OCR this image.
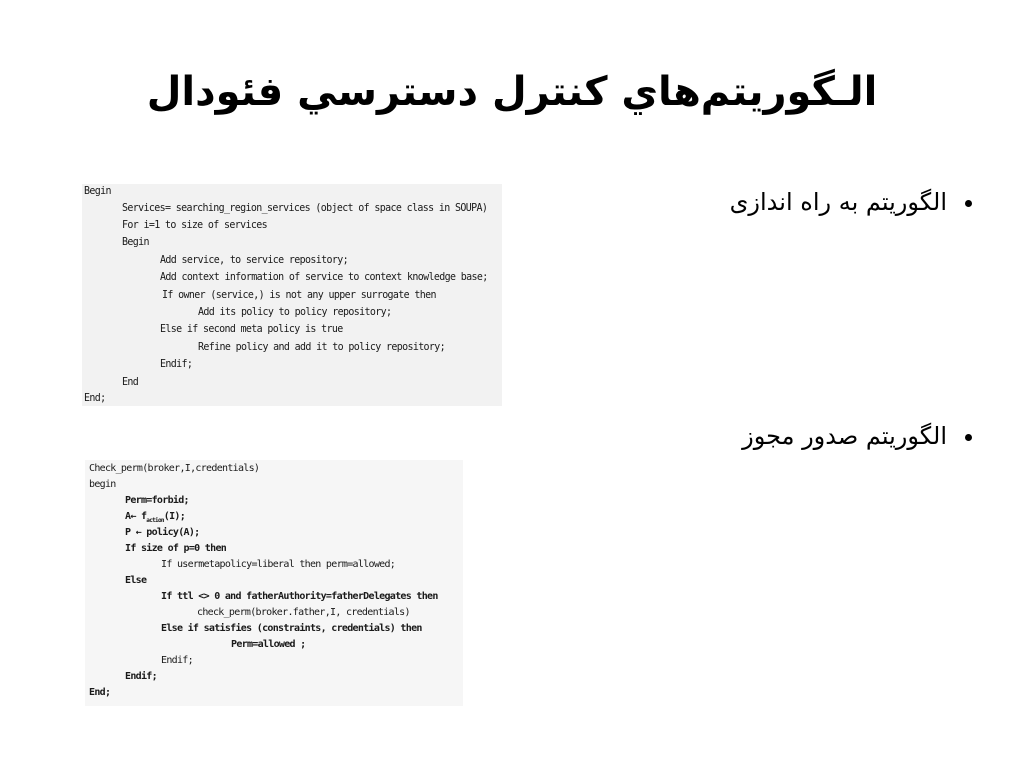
الـگوريتم‌هاي كنترل دسترسي فئودال
الگوریتم به راه اندازی
الگوریتم صدور مجوز

Begin

Services= searching_region_services (object of space class in SOUPA)

For i=1 to size of services

Begin

Add service, to service repository;

Add context information of service to context knowledge base;

If owner (service,) is not any upper surrogate then

Add its policy to policy repository;

Else if second meta policy is true

Refine policy and add it to policy repository;

Endif;

End

End;

Check_perm(broker,I,credentials)

begin

Perm=forbid;

A← $f_{action}(I)$;

P ← policy(A);

If size of p=0 then

If usermetapolicy=liberal then perm=allowed;

Else

If ttl <> 0 and fatherAuthority=fatherDelegates then

check_perm(broker.father,I, credentials)

Else if satisfies (constraints, credentials) then

Perm=allowed ;

Endif;

Endif;

End;
